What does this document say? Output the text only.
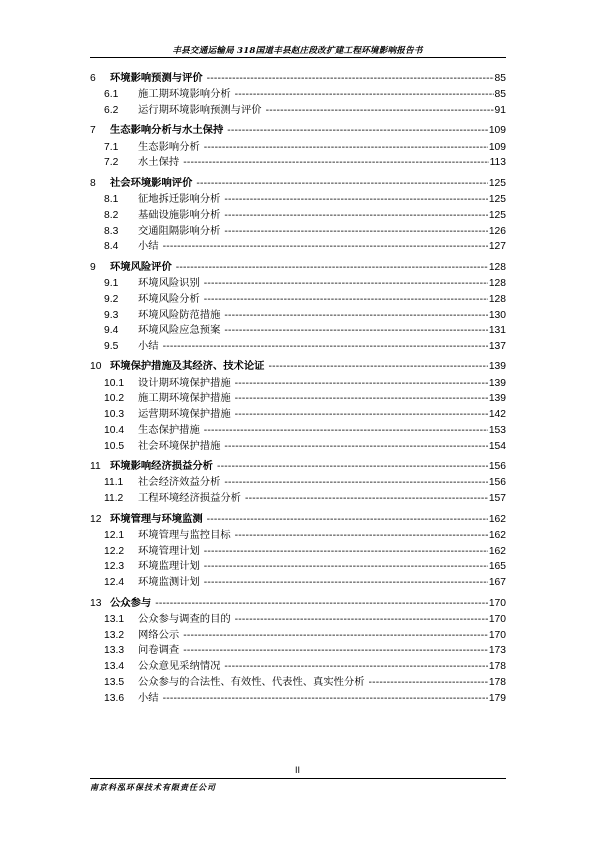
丰县交通运输局 318国道丰县赵庄段改扩建工程环境影响报告书
6	环境影响预测与评价 -----	85
6.1	施工期环境影响分析 -----	85
6.2	运行期环境影响预测与评价 -----	91
7	生态影响分析与水土保持 -----	109
7.1	生态影响分析 -----	109
7.2	水土保持 -----	113
8	社会环境影响评价 -----	125
8.1	征地拆迁影响分析 -----	125
8.2	基础设施影响分析 -----	125
8.3	交通阻隔影响分析 -----	126
8.4	小结 -----	127
9	环境风险评价 -----	128
9.1	环境风险识别 -----	128
9.2	环境风险分析 -----	128
9.3	环境风险防范措施 -----	130
9.4	环境风险应急预案 -----	131
9.5	小结 -----	137
10 环境保护措施及其经济、技术论证 -----	139
10.1	设计期环境保护措施 -----	139
10.2	施工期环境保护措施 -----	139
10.3	运营期环境保护措施 -----	142
10.4	生态保护措施 -----	153
10.5	社会环境保护措施 -----	154
11 环境影响经济损益分析 -----	156
11.1	社会经济效益分析 -----	156
11.2	工程环境经济损益分析 -----	157
12 环境管理与环境监测 -----	162
12.1	环境管理与监控目标 -----	162
12.2	环境管理计划 -----	162
12.3	环境监理计划 -----	165
12.4	环境监测计划 -----	167
13 公众参与 -----	170
13.1	公众参与调查的目的 -----	170
13.2	网络公示 -----	170
13.3	问卷调查 -----	173
13.4	公众意见采纳情况 -----	178
13.5	公众参与的合法性、有效性、代表性、真实性分析 -----	178
13.6	小结 -----	179
II
南京科泓环保技术有限责任公司
